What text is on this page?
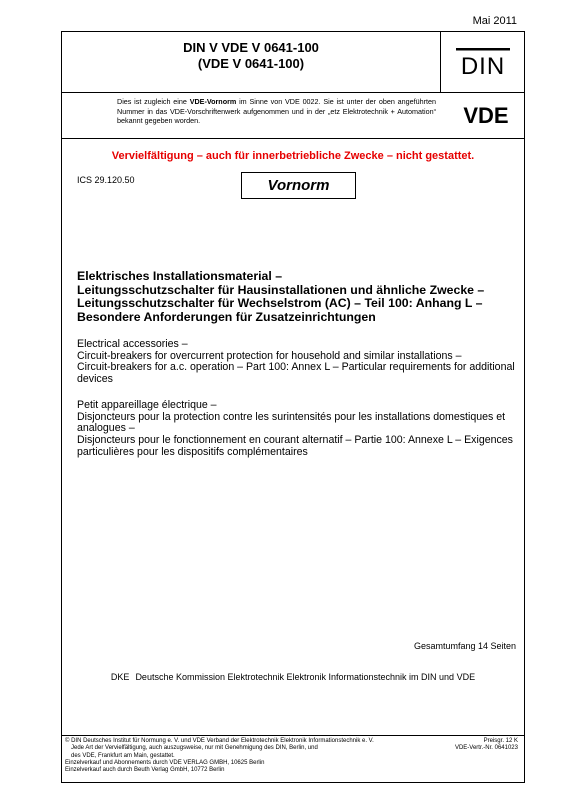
Mai 2011
DIN V VDE V 0641-100
(VDE V 0641-100)	DIN
Dies ist zugleich eine VDE-Vornorm im Sinne von VDE 0022. Sie ist unter der oben angeführten Nummer in das VDE-Vorschriftenwerk aufgenommen und in der „etz Elektrotechnik + Automation“ bekannt gegeben worden.	VDE
Vervielfältigung – auch für innerbetriebliche Zwecke – nicht gestattet.
ICS 29.120.50	Vornorm
Elektrisches Installationsmaterial –
Leitungsschutzschalter für Hausinstallationen und ähnliche Zwecke –
Leitungsschutzschalter für Wechselstrom (AC) – Teil 100: Anhang L –
Besondere Anforderungen für Zusatzeinrichtungen
Electrical accessories –
Circuit-breakers for overcurrent protection for household and similar installations –
Circuit-breakers for a.c. operation – Part 100: Annex L – Particular requirements for additional
devices
Petit appareillage électrique –
Disjoncteurs pour la protection contre les surintensités pour les installations domestiques et
analogues –
Disjoncteurs pour le fonctionnement en courant alternatif – Partie 100: Annexe L – Exigences
particulières pour les dispositifs complémentaires
Gesamtumfang 14 Seiten
DKE Deutsche Kommission Elektrotechnik Elektronik Informationstechnik im DIN und VDE
© DIN Deutsches Institut für Normung e. V. und VDE Verband der Elektrotechnik Elektronik Informationstechnik e. V.
Jede Art der Vervielfältigung, auch auszugsweise, nur mit Genehmigung des DIN, Berlin, und
des VDE, Frankfurt am Main, gestattet.
Einzelverkauf und Abonnements durch VDE VERLAG GMBH, 10625 Berlin
Einzelverkauf auch durch Beuth Verlag GmbH, 10772 Berlin
Preisgr. 12 K
VDE-Vertr.-Nr. 0641023
